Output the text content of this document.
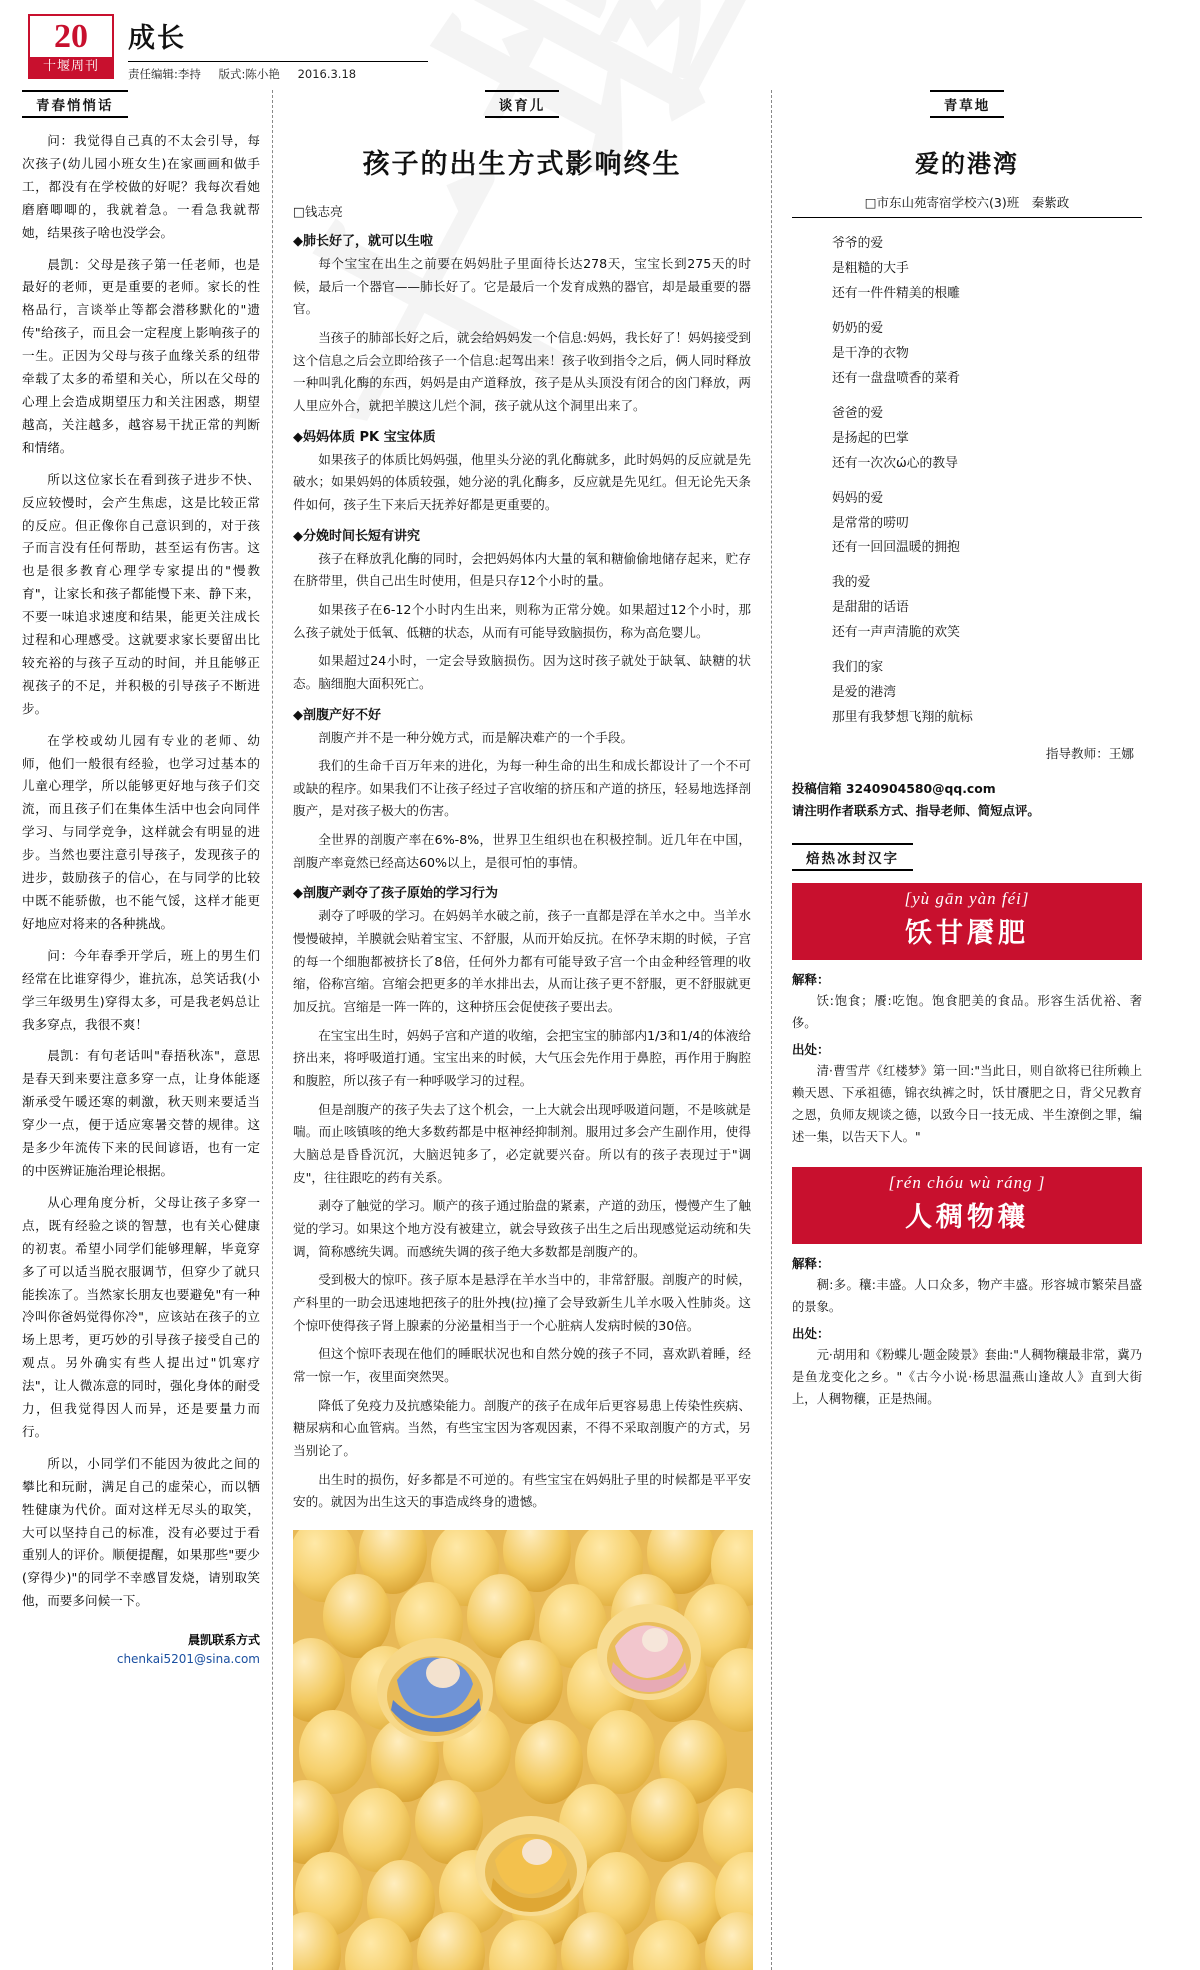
20
十堰周刊
成长
责任编辑:李持 版式:陈小艳 2016.3.18
青春悄悄话

问：我觉得自己真的不太会引导，每次孩子(幼儿园小班女生)在家画画和做手工，都没有在学校做的好呢？我每次看她磨磨唧唧的，我就着急。一看急我就帮她，结果孩子啥也没学会。

晨凯：父母是孩子第一任老师，也是最好的老师，更是重要的老师。家长的性格品行，言谈举止等都会潜移默化的"遗传"给孩子，而且会一定程度上影响孩子的一生。正因为父母与孩子血缘关系的纽带牵载了太多的希望和关心，所以在父母的心理上会造成期望压力和关注困惑，期望越高，关注越多，越容易干扰正常的判断和情绪。

所以这位家长在看到孩子进步不快、反应较慢时，会产生焦虑，这是比较正常的反应。但正像你自己意识到的，对于孩子而言没有任何帮助，甚至运有伤害。这也是很多教育心理学专家提出的"慢教育"，让家长和孩子都能慢下来、静下来，不要一味追求速度和结果，能更关注成长过程和心理感受。这就要求家长要留出比较充裕的与孩子互动的时间，并且能够正视孩子的不足，并积极的引导孩子不断进步。

在学校或幼儿园有专业的老师、幼师，他们一般很有经验，也学习过基本的儿童心理学，所以能够更好地与孩子们交流，而且孩子们在集体生活中也会向同伴学习、与同学竞争，这样就会有明显的进步。当然也要注意引导孩子，发现孩子的进步，鼓励孩子的信心，在与同学的比较中既不能骄傲，也不能气馁，这样才能更好地应对将来的各种挑战。

问：今年春季开学后，班上的男生们经常在比谁穿得少，谁抗冻，总笑话我(小学三年级男生)穿得太多，可是我老妈总让我多穿点，我很不爽！

晨凯：有句老话叫"春捂秋冻"，意思是春天到来要注意多穿一点，让身体能逐渐承受午暖还寒的刺激，秋天则来要适当穿少一点，便于适应寒暑交替的规律。这是多少年流传下来的民间谚语，也有一定的中医辨证施治理论根据。

从心理角度分析，父母让孩子多穿一点，既有经验之谈的智慧，也有关心健康的初衷。希望小同学们能够理解，毕竟穿多了可以适当脱衣服调节，但穿少了就只能挨冻了。当然家长朋友也要避免"有一种冷叫你爸妈觉得你冷"，应该站在孩子的立场上思考，更巧妙的引导孩子接受自己的观点。另外确实有些人提出过"饥寒疗法"，让人微冻意的同时，强化身体的耐受力，但我觉得因人而异，还是要量力而行。

所以，小同学们不能因为彼此之间的攀比和玩耐，满足自己的虚荣心，而以牺牲健康为代价。面对这样无尽头的取笑，大可以坚持自己的标准，没有必要过于看重别人的评价。顺便提醒，如果那些"要少(穿得少)"的同学不幸感冒发烧，请别取笑他，而要多问候一下。

晨凯联系方式
chenkai5201@sina.com
谈育儿
孩子的出生方式影响终生
□钱志亮
◆肺长好了，就可以生啦

每个宝宝在出生之前要在妈妈肚子里面待长达278天，宝宝长到275天的时候，最后一个器官——肺长好了。它是最后一个发育成熟的器官，却是最重要的器官。

当孩子的肺部长好之后，就会给妈妈发一个信息:妈妈，我长好了！妈妈接受到这个信息之后会立即给孩子一个信息:起驾出来！孩子收到指令之后，俩人同时释放一种叫乳化酶的东西，妈妈是由产道释放，孩子是从头顶没有闭合的囟门释放，两人里应外合，就把羊膜这儿烂个洞，孩子就从这个洞里出来了。

◆妈妈体质 PK 宝宝体质

如果孩子的体质比妈妈强，他里头分泌的乳化酶就多，此时妈妈的反应就是先破水；如果妈妈的体质较强，她分泌的乳化酶多，反应就是先见红。但无论先天条件如何，孩子生下来后天抚养好都是更重要的。

◆分娩时间长短有讲究

孩子在释放乳化酶的同时，会把妈妈体内大量的氧和糖偷偷地储存起来，贮存在脐带里，供自己出生时使用，但是只存12个小时的量。

如果孩子在6-12个小时内生出来，则称为正常分娩。如果超过12个小时，那么孩子就处于低氧、低糖的状态，从而有可能导致脑损伤，称为高危婴儿。

如果超过24小时，一定会导致脑损伤。因为这时孩子就处于缺氧、缺糖的状态。脑细胞大面积死亡。

◆剖腹产好不好

剖腹产并不是一种分娩方式，而是解决难产的一个手段。

我们的生命千百万年来的进化，为每一种生命的出生和成长都设计了一个不可或缺的程序。如果我们不让孩子经过子宫收缩的挤压和产道的挤压，轻易地选择剖腹产，是对孩子极大的伤害。

全世界的剖腹产率在6%-8%，世界卫生组织也在积极控制。近几年在中国，剖腹产率竟然已经高达60%以上，是很可怕的事情。

◆剖腹产剥夺了孩子原始的学习行为

剥夺了呼吸的学习。在妈妈羊水破之前，孩子一直都是浮在羊水之中。当羊水慢慢破掉，羊膜就会贴着宝宝、不舒服，从而开始反抗。在怀孕末期的时候，子宫的每一个细胞都被挤长了8倍，任何外力都有可能导致子宫一个由金种经管理的收缩，俗称宫缩。宫缩会把更多的羊水排出去，从而让孩子更不舒服，更不舒服就更加反抗。宫缩是一阵一阵的，这种挤压会促使孩子要出去。

在宝宝出生时，妈妈子宫和产道的收缩，会把宝宝的肺部内1/3和1/4的体液给挤出来，将呼吸道打通。宝宝出来的时候，大气压会先作用于鼻腔，再作用于胸腔和腹腔，所以孩子有一种呼吸学习的过程。

但是剖腹产的孩子失去了这个机会，一上大就会出现呼吸道问题，不是咳就是喘。而止咳镇咳的绝大多数药都是中枢神经抑制剂。服用过多会产生副作用，使得大脑总是昏昏沉沉，大脑迟钝多了，必定就要兴奋。所以有的孩子表现过于"调皮"，往往跟吃的药有关系。

剥夺了触觉的学习。顺产的孩子通过胎盘的紧素，产道的劲压，慢慢产生了触觉的学习。如果这个地方没有被建立，就会导致孩子出生之后出现感觉运动统和失调，简称感统失调。而感统失调的孩子绝大多数都是剖腹产的。

受到极大的惊吓。孩子原本是悬浮在羊水当中的，非常舒服。剖腹产的时候，产科里的一助会迅速地把孩子的肚外拽(拉)撞了会导致新生儿羊水吸入性肺炎。这个惊吓使得孩子肾上腺素的分泌量相当于一个心脏病人发病时候的30倍。

但这个惊吓表现在他们的睡眠状况也和自然分娩的孩子不同，喜欢趴着睡，经常一惊一乍，夜里面突然哭。

降低了免疫力及抗感染能力。剖腹产的孩子在成年后更容易患上传染性疾病、糖尿病和心血管病。当然，有些宝宝因为客观因素，不得不采取剖腹产的方式，另当别论了。

出生时的损伤，好多都是不可逆的。有些宝宝在妈妈肚子里的时候都是平平安安的。就因为出生这天的事造成终身的遗憾。

青草地
爱的港湾
□市东山苑寄宿学校六(3)班　秦紫政
爷爷的爱
是粗糙的大手
还有一件件精美的根雕
奶奶的爱
是干净的衣物
还有一盘盘喷香的菜肴
爸爸的爱
是扬起的巴掌
还有一次次ώ心的教导
妈妈的爱
是常常的唠叨
还有一回回温暖的拥抱
我的爱
是甜甜的话语
还有一声声清脆的欢笑
我们的家
是爱的港湾
那里有我梦想飞翔的航标
指导教师：王娜
投稿信箱 3240904580@qq.com
请注明作者联系方式、指导老师、简短点评。
焙热冰封汉字
[yù gān yàn féi]
饫甘餍肥
解释：

饫:饱食；餍:吃饱。饱食肥美的食品。形容生活优裕、奢侈。

出处：

清·曹雪芹《红楼梦》第一回:"当此日，则自欲将已往所赖上赖天恩、下承祖德，锦衣纨裤之时，饫甘餍肥之日，背父兄教育之恩，负师友规谈之德，以致今日一技无成、半生潦倒之罪，编述一集，以告天下人。"

[rén chóu wù ráng ]
人稠物穰
解释：

稠:多。穰:丰盛。人口众多，物产丰盛。形容城市繁荣昌盛的景象。

出处：

元·胡用和《粉蝶儿·题金陵景》套曲:"人稠物穰最非常，冀乃是鱼龙变化之乡。"《古今小说·杨思温燕山逢故人》直到大街上，人稠物穰，正是热闹。
